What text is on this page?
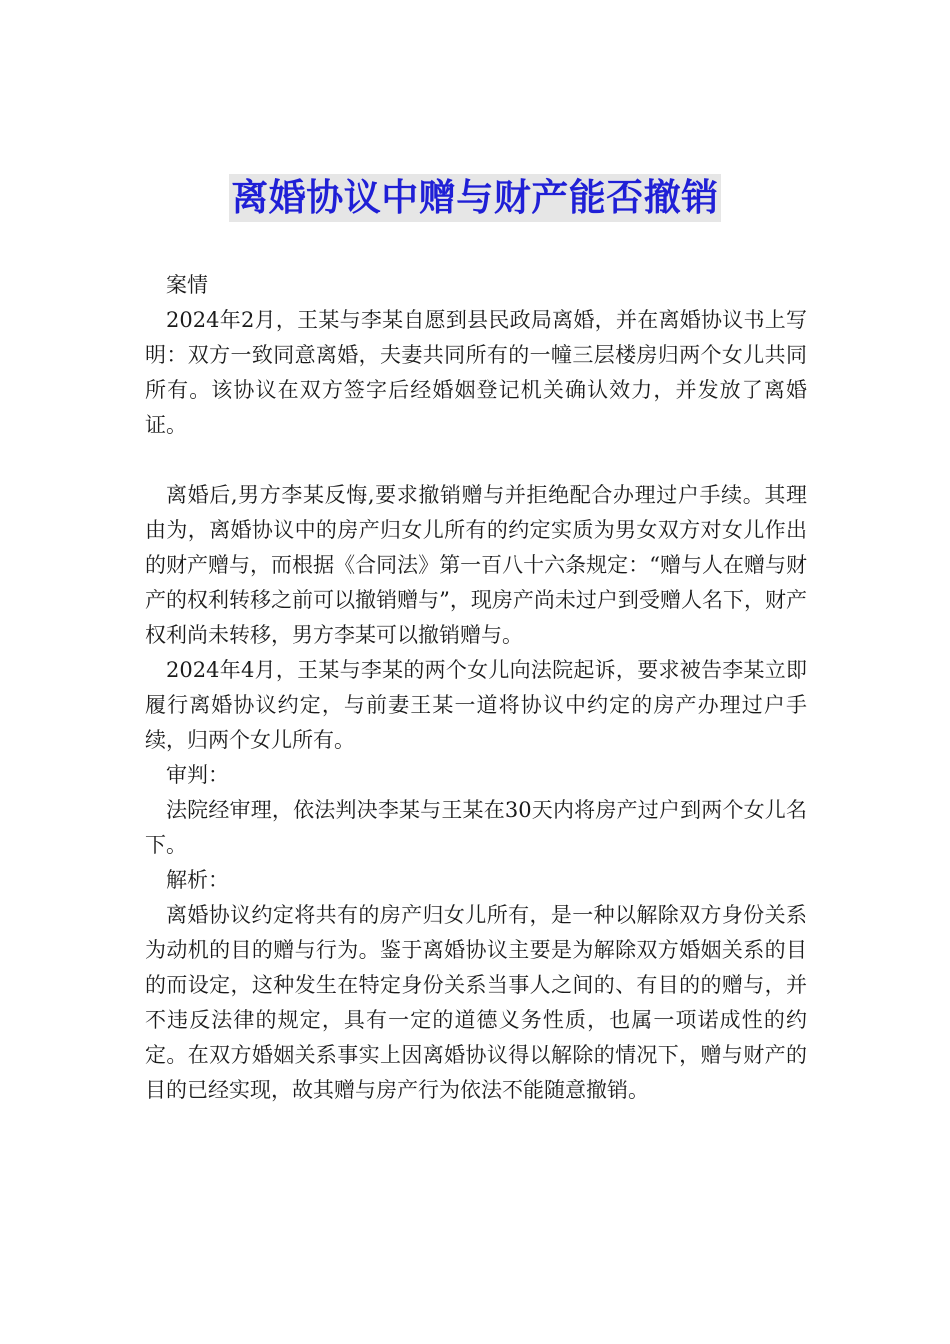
离婚协议中赠与财产能否撤销

案情

2024年2月，王某与李某自愿到县民政局离婚，并在离婚协议书上写明：双方一致同意离婚，夫妻共同所有的一幢三层楼房归两个女儿共同所有。该协议在双方签字后经婚姻登记机关确认效力，并发放了离婚证。

离婚后,男方李某反悔,要求撤销赠与并拒绝配合办理过户手续。其理由为，离婚协议中的房产归女儿所有的约定实质为男女双方对女儿作出的财产赠与，而根据《合同法》第一百八十六条规定：“赠与人在赠与财产的权利转移之前可以撤销赠与”，现房产尚未过户到受赠人名下，财产权利尚未转移，男方李某可以撤销赠与。

2024年4月，王某与李某的两个女儿向法院起诉，要求被告李某立即履行离婚协议约定，与前妻王某一道将协议中约定的房产办理过户手续，归两个女儿所有。

审判：

法院经审理，依法判决李某与王某在30天内将房产过户到两个女儿名下。

解析：

离婚协议约定将共有的房产归女儿所有，是一种以解除双方身份关系为动机的目的赠与行为。鉴于离婚协议主要是为解除双方婚姻关系的目的而设定，这种发生在特定身份关系当事人之间的、有目的的赠与，并不违反法律的规定，具有一定的道德义务性质，也属一项诺成性的约定。在双方婚姻关系事实上因离婚协议得以解除的情况下，赠与财产的目的已经实现，故其赠与房产行为依法不能随意撤销。
